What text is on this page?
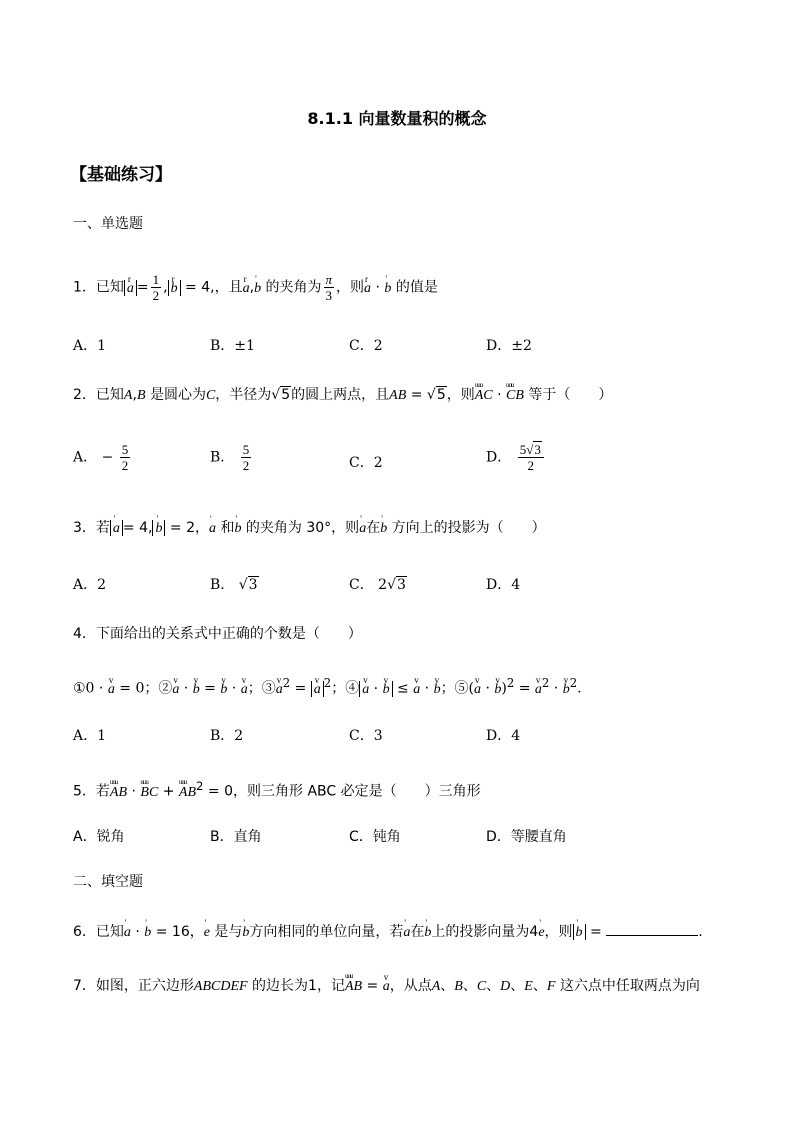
8.1.1 向量数量积的概念
【基础练习】
一、单选题
1．已知r $a = \frac{1}{2} ,r$ b = 4,，且r a,' b 的夹角为 $\frac{\pi}{3}$ ，则r a · ' b 的值是
A．1	B．±1	C．2	D．±2
2．已知A,B 是圆心为C，半径为√5的圆上两点，且AB = √5，则uuu AC · uuu CB 等于（　　）
A． − $\frac{5}{2}$	B． $\frac{5}{2}$	C．2	D． $\frac{5√3}{2}$
3．若' a = 4,' b = 2，' a 和' b 的夹角为 30°，则' a在' b 方向上的投影为（　　）
A．2	B． √3	C． 2√3	D．4
4．下面给出的关系式中正确的个数是（　　）
①0 · v a = 0；②v a · v b = v b · v a；③v $a^2 = v$ a $^2$；④v a · v b ≤ v a · v b；⑤(v a · v b)$^2$ = v $a^2 \cdot v$ $b^2$.
A．1	B．2	C．3	D．4
5．若uuu AB · uuu BC + uuu $AB^2 = 0$，则三角形 ABC 必定是（　　）三角形
A．锐角	B．直角	C．钝角	D．等腰直角
二、填空题
6．已知' a · ' b = 16，' e 是与' b方向相同的单位向量，若' a在' b上的投影向量为4' e，则' b =	.
7．如图，正六边形ABCDEF 的边长为1，记uuu AB = v a，从点A、B、C、D、E、F 这六点中任取两点为向
